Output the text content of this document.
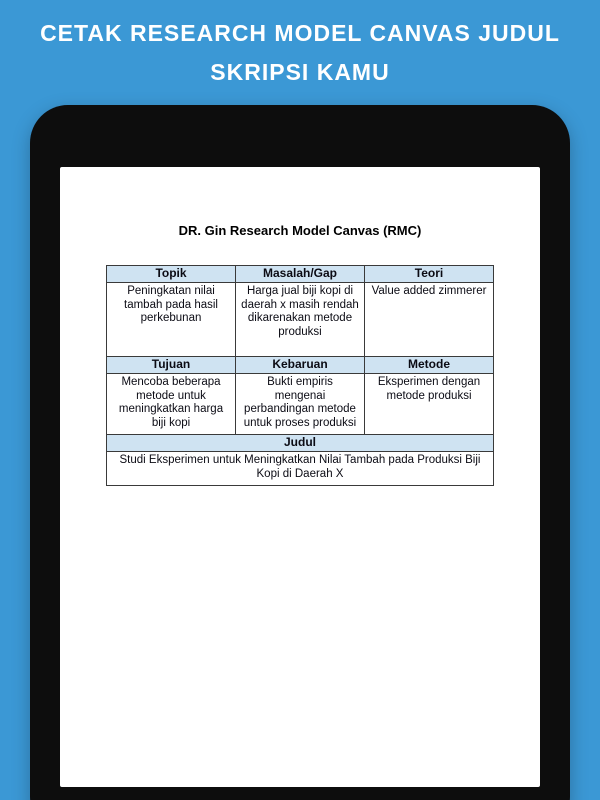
CETAK RESEARCH MODEL CANVAS JUDUL
SKRIPSI KAMU
DR. Gin Research Model Canvas (RMC)
Topik	Masalah/Gap	Teori
Peningkatan nilai tambah pada hasil perkebunan	Harga jual biji kopi di daerah x masih rendah dikarenakan metode produksi	Value added zimmerer
Tujuan	Kebaruan	Metode
Mencoba beberapa metode untuk meningkatkan harga biji kopi	Bukti empiris mengenai perbandingan metode untuk proses produksi	Eksperimen dengan metode produksi
Judul		
Studi Eksperimen untuk Meningkatkan Nilai Tambah pada Produksi Biji Kopi di Daerah X		
